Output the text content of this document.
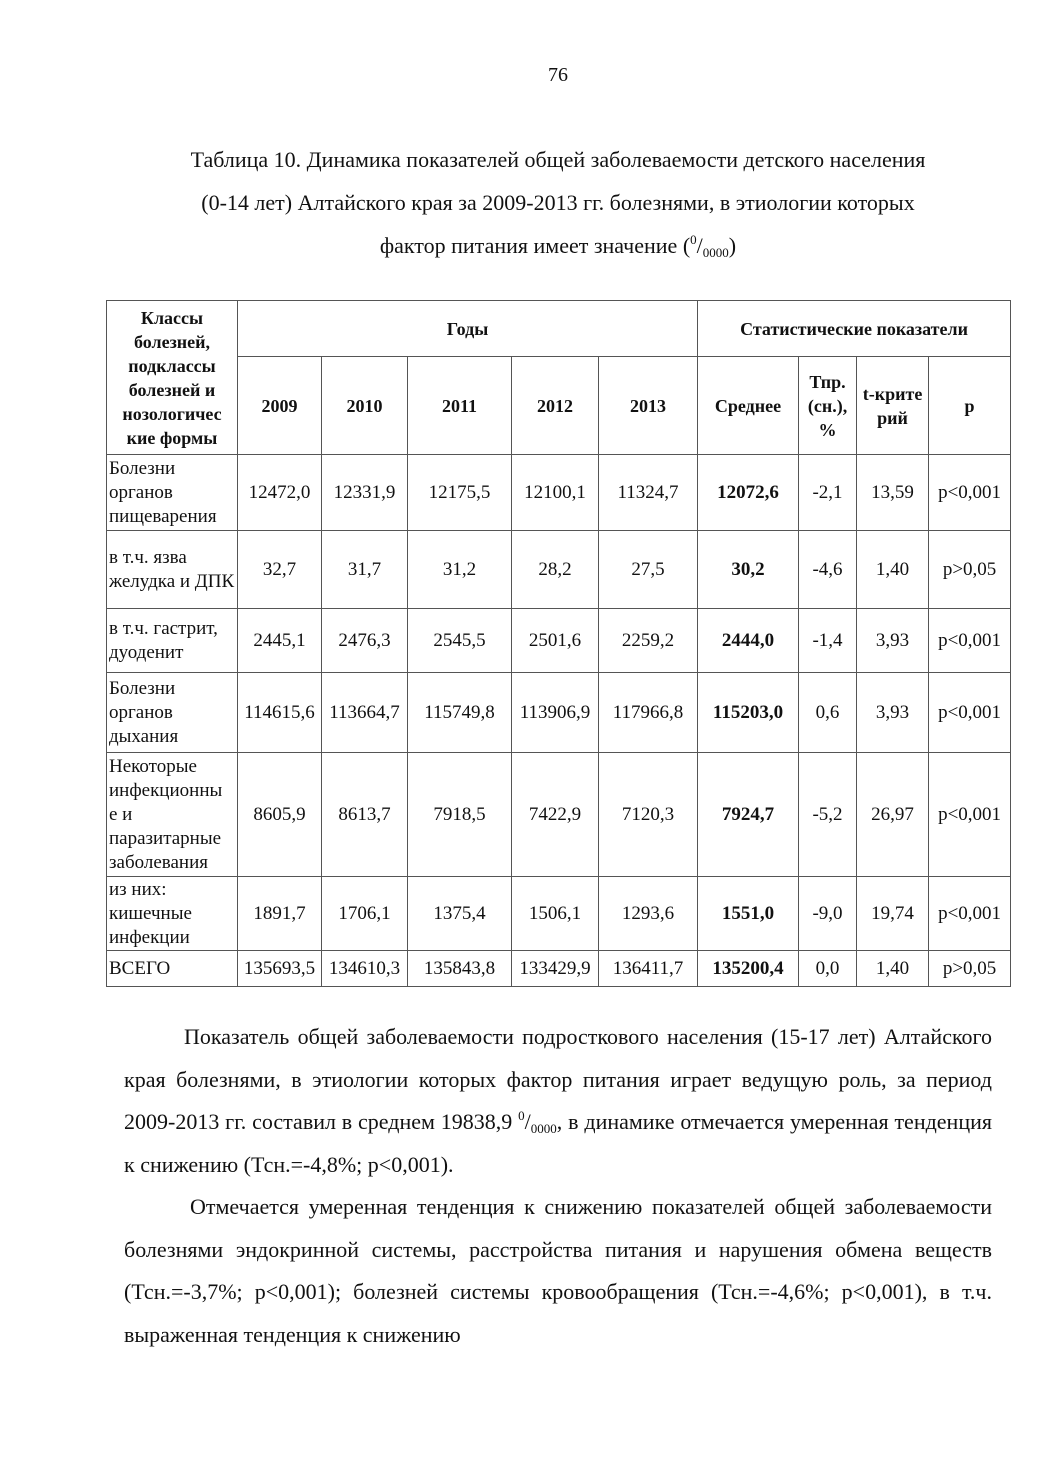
76
Таблица 10. Динамика показателей общей заболеваемости детского населения
(0-14 лет) Алтайского края за 2009-2013 гг. болезнями, в этиологии которых
фактор питания имеет значение $(^0/_{0000})$
Классы болезней, подклассы болезней и нозологичес кие формы	Годы					Статистические показатели			
	2009	2010	2011	2012	2013	Среднее	Тпр. (сн.), %	t-крите рий	р
Болезни органов пищеварения	12472,0	12331,9	12175,5	12100,1	11324,7	12072,6	-2,1	13,59	р<0,001
в т.ч. язва желудка и ДПК	32,7	31,7	31,2	28,2	27,5	30,2	-4,6	1,40	р>0,05
в т.ч. гастрит, дуоденит	2445,1	2476,3	2545,5	2501,6	2259,2	2444,0	-1,4	3,93	р<0,001
Болезни органов дыхания	114615,6	113664,7	115749,8	113906,9	117966,8	115203,0	0,6	3,93	р<0,001
Некоторые инфекционны е и паразитарные заболевания	8605,9	8613,7	7918,5	7422,9	7120,3	7924,7	-5,2	26,97	р<0,001
из них: кишечные инфекции	1891,7	1706,1	1375,4	1506,1	1293,6	1551,0	-9,0	19,74	р<0,001
ВСЕГО	135693,5	134610,3	135843,8	133429,9	136411,7	135200,4	0,0	1,40	р>0,05
Показатель общей заболеваемости подросткового населения (15-17 лет) Алтайского края болезнями, в этиологии которых фактор питания играет ведущую роль, за период 2009-2013 гг. составил в среднем 19838,9 $^0/_{0000}$, в динамике отмечается умеренная тенденция к снижению (Тсн.=-4,8%; р<0,001).
Отмечается умеренная тенденция к снижению показателей общей заболеваемости болезнями эндокринной системы, расстройства питания и нарушения обмена веществ (Тсн.=-3,7%; р<0,001); болезней системы кровообращения (Тсн.=-4,6%; р<0,001), в т.ч. выраженная тенденция к снижению
